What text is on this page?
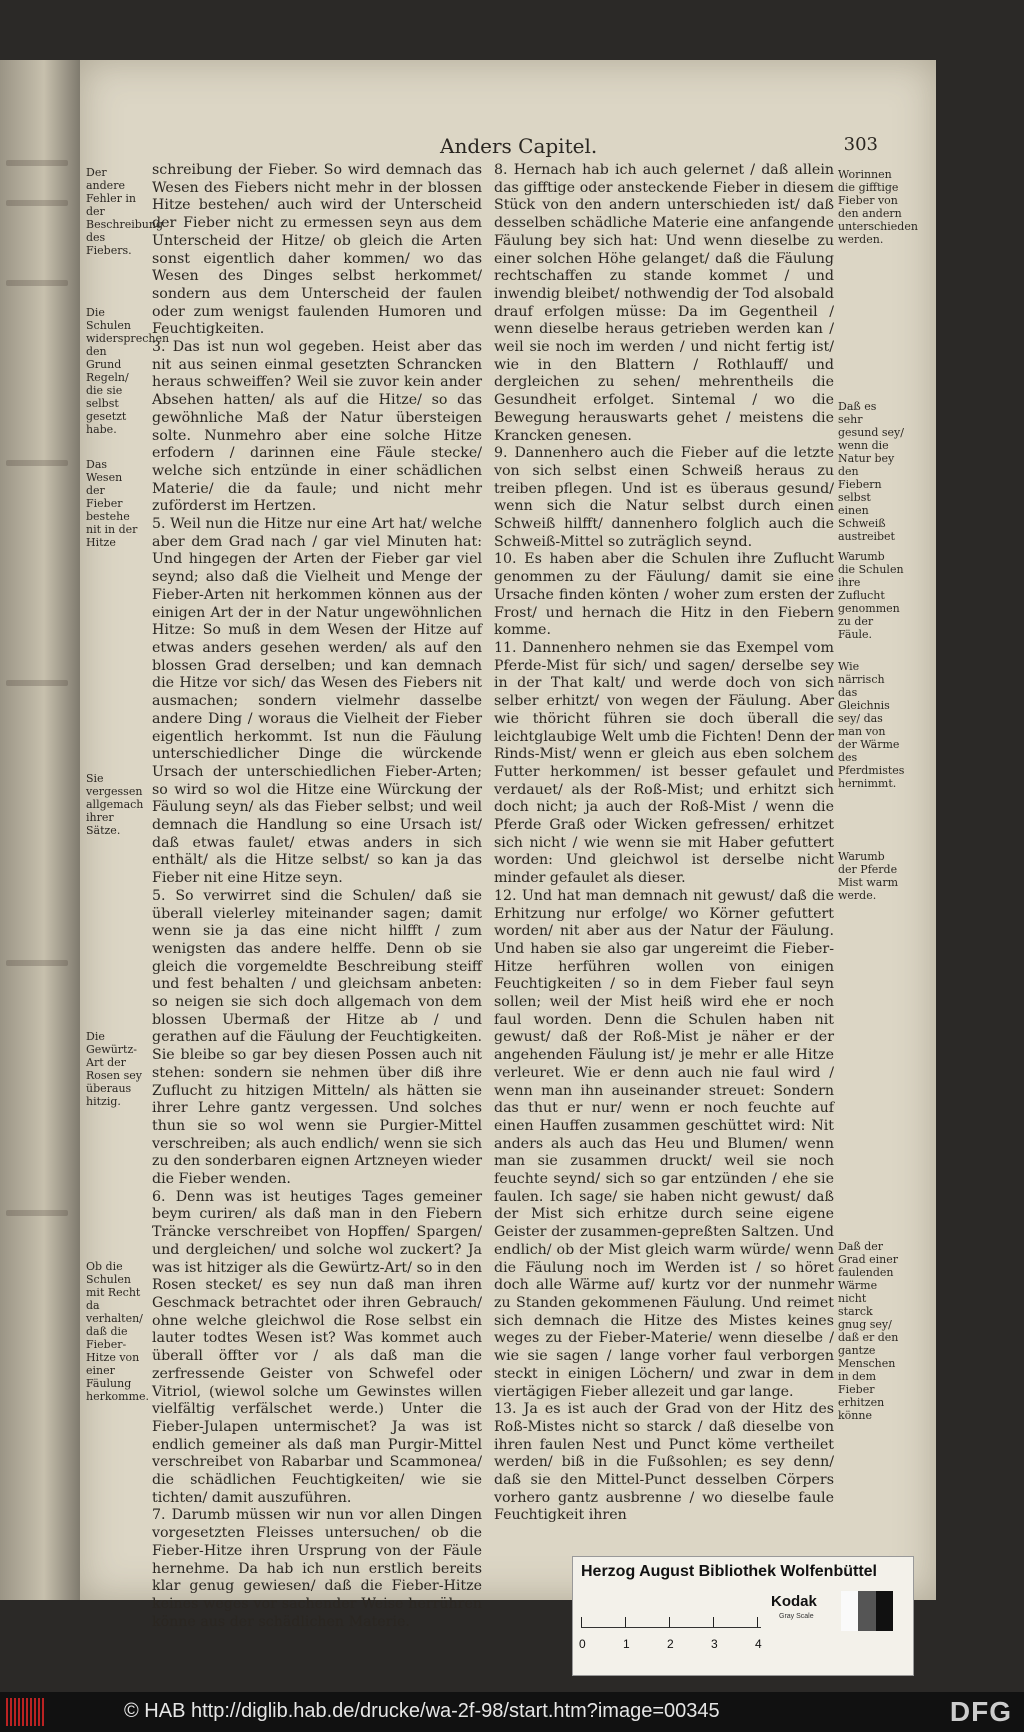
Anders Capitel.	303
Der andere Fehler in der Beschreibung des Fiebers.
Die Schulen widersprechen den Grund Regeln/ die sie selbst gesetzt habe.
Das Wesen der Fieber bestehe nit in der Hitze
Sie vergessen allgemach ihrer Sätze.
Die Gewürtz-Art der Rosen sey überaus hitzig.
Ob die Schulen mit Recht da verhalten/ daß die Fieber-Hitze von einer Fäulung herkomme.

schreibung der Fieber. So wird demnach das Wesen des Fiebers nicht mehr in der blossen Hitze bestehen/ auch wird der Unterscheid der Fieber nicht zu ermessen seyn aus dem Unterscheid der Hitze/ ob gleich die Arten sonst eigentlich daher kommen/ wo das Wesen des Dinges selbst herkommet/ sondern aus dem Unterscheid der faulen oder zum wenigst faulenden Humoren und Feuchtigkeiten.

3. Das ist nun wol gegeben. Heist aber das nit aus seinen einmal gesetzten Schrancken heraus schweiffen? Weil sie zuvor kein ander Absehen hatten/ als auf die Hitze/ so das gewöhnliche Maß der Natur übersteigen solte. Nunmehro aber eine solche Hitze erfodern / darinnen eine Fäule stecke/ welche sich entzünde in einer schädlichen Materie/ die da faule; und nicht mehr zuförderst im Hertzen.

5. Weil nun die Hitze nur eine Art hat/ welche aber dem Grad nach / gar viel Minuten hat: Und hingegen der Arten der Fieber gar viel seynd; also daß die Vielheit und Menge der Fieber-Arten nit herkommen können aus der einigen Art der in der Natur ungewöhnlichen Hitze: So muß in dem Wesen der Hitze auf etwas anders gesehen werden/ als auf den blossen Grad derselben; und kan demnach die Hitze vor sich/ das Wesen des Fiebers nit ausmachen; sondern vielmehr dasselbe andere Ding / woraus die Vielheit der Fieber eigentlich herkommt. Ist nun die Fäulung unterschiedlicher Dinge die würckende Ursach der unterschiedlichen Fieber-Arten; so wird so wol die Hitze eine Würckung der Fäulung seyn/ als das Fieber selbst; und weil demnach die Handlung so eine Ursach ist/ daß etwas faulet/ etwas anders in sich enthält/ als die Hitze selbst/ so kan ja das Fieber nit eine Hitze seyn.

5. So verwirret sind die Schulen/ daß sie überall vielerley miteinander sagen; damit wenn sie ja das eine nicht hilfft / zum wenigsten das andere helffe. Denn ob sie gleich die vorgemeldte Beschreibung steiff und fest behalten / und gleichsam anbeten: so neigen sie sich doch allgemach von dem blossen Ubermaß der Hitze ab / und gerathen auf die Fäulung der Feuchtigkeiten. Sie bleibe so gar bey diesen Possen auch nit stehen: sondern sie nehmen über diß ihre Zuflucht zu hitzigen Mitteln/ als hätten sie ihrer Lehre gantz vergessen. Und solches thun sie so wol wenn sie Purgier-Mittel verschreiben; als auch endlich/ wenn sie sich zu den sonderbaren eignen Artzneyen wieder die Fieber wenden.

6. Denn was ist heutiges Tages gemeiner beym curiren/ als daß man in den Fiebern Träncke verschreibet von Hopffen/ Spargen/ und dergleichen/ und solche wol zuckert? Ja was ist hitziger als die Gewürtz-Art/ so in den Rosen stecket/ es sey nun daß man ihren Geschmack betrachtet oder ihren Gebrauch/ ohne welche gleichwol die Rose selbst ein lauter todtes Wesen ist? Was kommet auch überall öffter vor / als daß man die zerfressende Geister von Schwefel oder Vitriol, (wiewol solche um Gewinstes willen vielfältig verfälschet werde.) Unter die Fieber-Julapen untermischet? Ja was ist endlich gemeiner als daß man Purgir-Mittel verschreibet von Rabarbar und Scammonea/ die schädlichen Feuchtigkeiten/ wie sie tichten/ damit auszuführen.

7. Darumb müssen wir nun vor allen Dingen vorgesetzten Fleisses untersuchen/ ob die Fieber-Hitze ihren Ursprung von der Fäule hernehme. Da hab ich nun erstlich bereits klar genug gewiesen/ daß die Fieber-Hitze keines weges vor sachender Weise herrühren könne aus der schädlichen Materie.

8. Hernach hab ich auch gelernet / daß allein das gifftige oder ansteckende Fieber in diesem Stück von den andern unterschieden ist/ daß desselben schädliche Materie eine anfangende Fäulung bey sich hat: Und wenn dieselbe zu einer solchen Höhe gelanget/ daß die Fäulung rechtschaffen zu stande kommet / und inwendig bleibet/ nothwendig der Tod alsobald drauf erfolgen müsse: Da im Gegentheil / wenn dieselbe heraus getrieben werden kan / weil sie noch im werden / und nicht fertig ist/ wie in den Blattern / Rothlauff/ und dergleichen zu sehen/ mehrentheils die Gesundheit erfolget. Sintemal / wo die Bewegung herauswarts gehet / meistens die Krancken genesen.

9. Dannenhero auch die Fieber auf die letzte von sich selbst einen Schweiß heraus zu treiben pflegen. Und ist es überaus gesund/ wenn sich die Natur selbst durch einen Schweiß hilfft/ dannenhero folglich auch die Schweiß-Mittel so zuträglich seynd.

10. Es haben aber die Schulen ihre Zuflucht genommen zu der Fäulung/ damit sie eine Ursache finden könten / woher zum ersten der Frost/ und hernach die Hitz in den Fiebern komme.

11. Dannenhero nehmen sie das Exempel vom Pferde-Mist für sich/ und sagen/ derselbe sey in der That kalt/ und werde doch von sich selber erhitzt/ von wegen der Fäulung. Aber wie thöricht führen sie doch überall die leichtglaubige Welt umb die Fichten! Denn der Rinds-Mist/ wenn er gleich aus eben solchem Futter herkommen/ ist besser gefaulet und verdauet/ als der Roß-Mist; und erhitzt sich doch nicht; ja auch der Roß-Mist / wenn die Pferde Graß oder Wicken gefressen/ erhitzet sich nicht / wie wenn sie mit Haber gefuttert worden: Und gleichwol ist derselbe nicht minder gefaulet als dieser.

12. Und hat man demnach nit gewust/ daß die Erhitzung nur erfolge/ wo Körner gefuttert worden/ nit aber aus der Natur der Fäulung. Und haben sie also gar ungereimt die Fieber-Hitze herführen wollen von einigen Feuchtigkeiten / so in dem Fieber faul seyn sollen; weil der Mist heiß wird ehe er noch faul worden. Denn die Schulen haben nit gewust/ daß der Roß-Mist je näher er der angehenden Fäulung ist/ je mehr er alle Hitze verleuret. Wie er denn auch nie faul wird / wenn man ihn auseinander streuet: Sondern das thut er nur/ wenn er noch feuchte auf einen Hauffen zusammen geschüttet wird: Nit anders als auch das Heu und Blumen/ wenn man sie zusammen druckt/ weil sie noch feuchte seynd/ sich so gar entzünden / ehe sie faulen. Ich sage/ sie haben nicht gewust/ daß der Mist sich erhitze durch seine eigene Geister der zusammen-gepreßten Saltzen. Und endlich/ ob der Mist gleich warm würde/ wenn die Fäulung noch im Werden ist / so höret doch alle Wärme auf/ kurtz vor der nunmehr zu Standen gekommenen Fäulung. Und reimet sich demnach die Hitze des Mistes keines weges zu der Fieber-Materie/ wenn dieselbe / wie sie sagen / lange vorher faul verborgen steckt in einigen Löchern/ und zwar in dem viertägigen Fieber allezeit und gar lange.

13. Ja es ist auch der Grad von der Hitz des Roß-Mistes nicht so starck / daß dieselbe von ihren faulen Nest und Punct köme vertheilet werden/ biß in die Fußsohlen; es sey denn/ daß sie den Mittel-Punct desselben Cörpers vorhero gantz ausbrenne / wo dieselbe faule Feuchtigkeit ihren

Worinnen die gifftige Fieber von den andern unterschieden werden.
Daß es sehr gesund sey/ wenn die Natur bey den Fiebern selbst einen Schweiß austreibet
Warumb die Schulen ihre Zuflucht genommen zu der Fäule.
Wie närrisch das Gleichnis sey/ das man von der Wärme des Pferdmistes hernimmt.
Warumb der Pferde Mist warm werde.
Daß der Grad einer faulenden Wärme nicht starck gnug sey/ daß er den gantze Menschen in dem Fieber erhitzen könne
Herzog August Bibliothek Wolfenbüttel
0	1	2	3	4
Kodak
Gray Scale
© HAB http://diglib.hab.de/drucke/wa-2f-98/start.htm?image=00345	DFG
